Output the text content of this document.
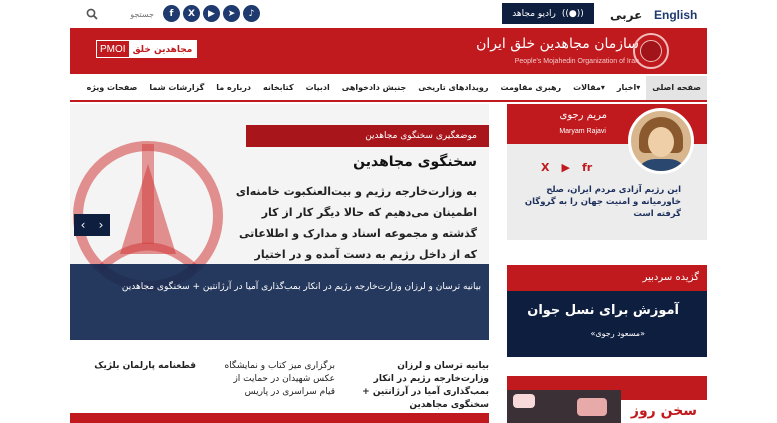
جستجو
f	X	▶	➤	♪	رادیو مجاهد ((●)) عربی English
PMOI مجاهدین خلق	سازمان مجاهدین خلق ایران
People's Mojahedin Organization of Iran
صفحه اصلی
اخبار▾
مقالات▾
رهبری مقاومت
رویدادهای تاریخی
جنبش دادخواهی
ادبیات
کتابخانه
درباره ما
گزارشات شما
صفحات ویژه
موضعگیری سخنگوی مجاهدین
سخنگوی مجاهدین
به وزارت‌خارجه رژیم و بیت‌العنکبوت خامنه‌ای اطمینان می‌دهیم که حالا دیگر کار از کار گذشته و مجموعه اسناد و مدارک و اطلاعاتی که از داخل رژیم به دست آمده و در اختیار
بیانیه ترسان و لرزان وزارت‌خارجه رژیم در انکار بمب‌گذاری آمیا در آرژانتین + سخنگوی مجاهدین
‹	›
مریم رجوی
Maryam Rajavi
X ▶ fr
این رژیم آزادی مردم ایران، صلح خاورمیانه و امنیت جهان را به گروگان گرفته است
گزیده سردبیر
آموزش برای نسل جوان
«مسعود رجوی»
سخن روز
بیانیه ترسان و لرزان وزارت‌خارجه رژیم در انکار بمب‌گذاری آمیا در آرژانتین + سخنگوی مجاهدین
برگزاری میز کتاب و نمایشگاه عکس شهیدان در حمایت از قیام سراسری در پاریس
قطعنامه پارلمان بلژیک
